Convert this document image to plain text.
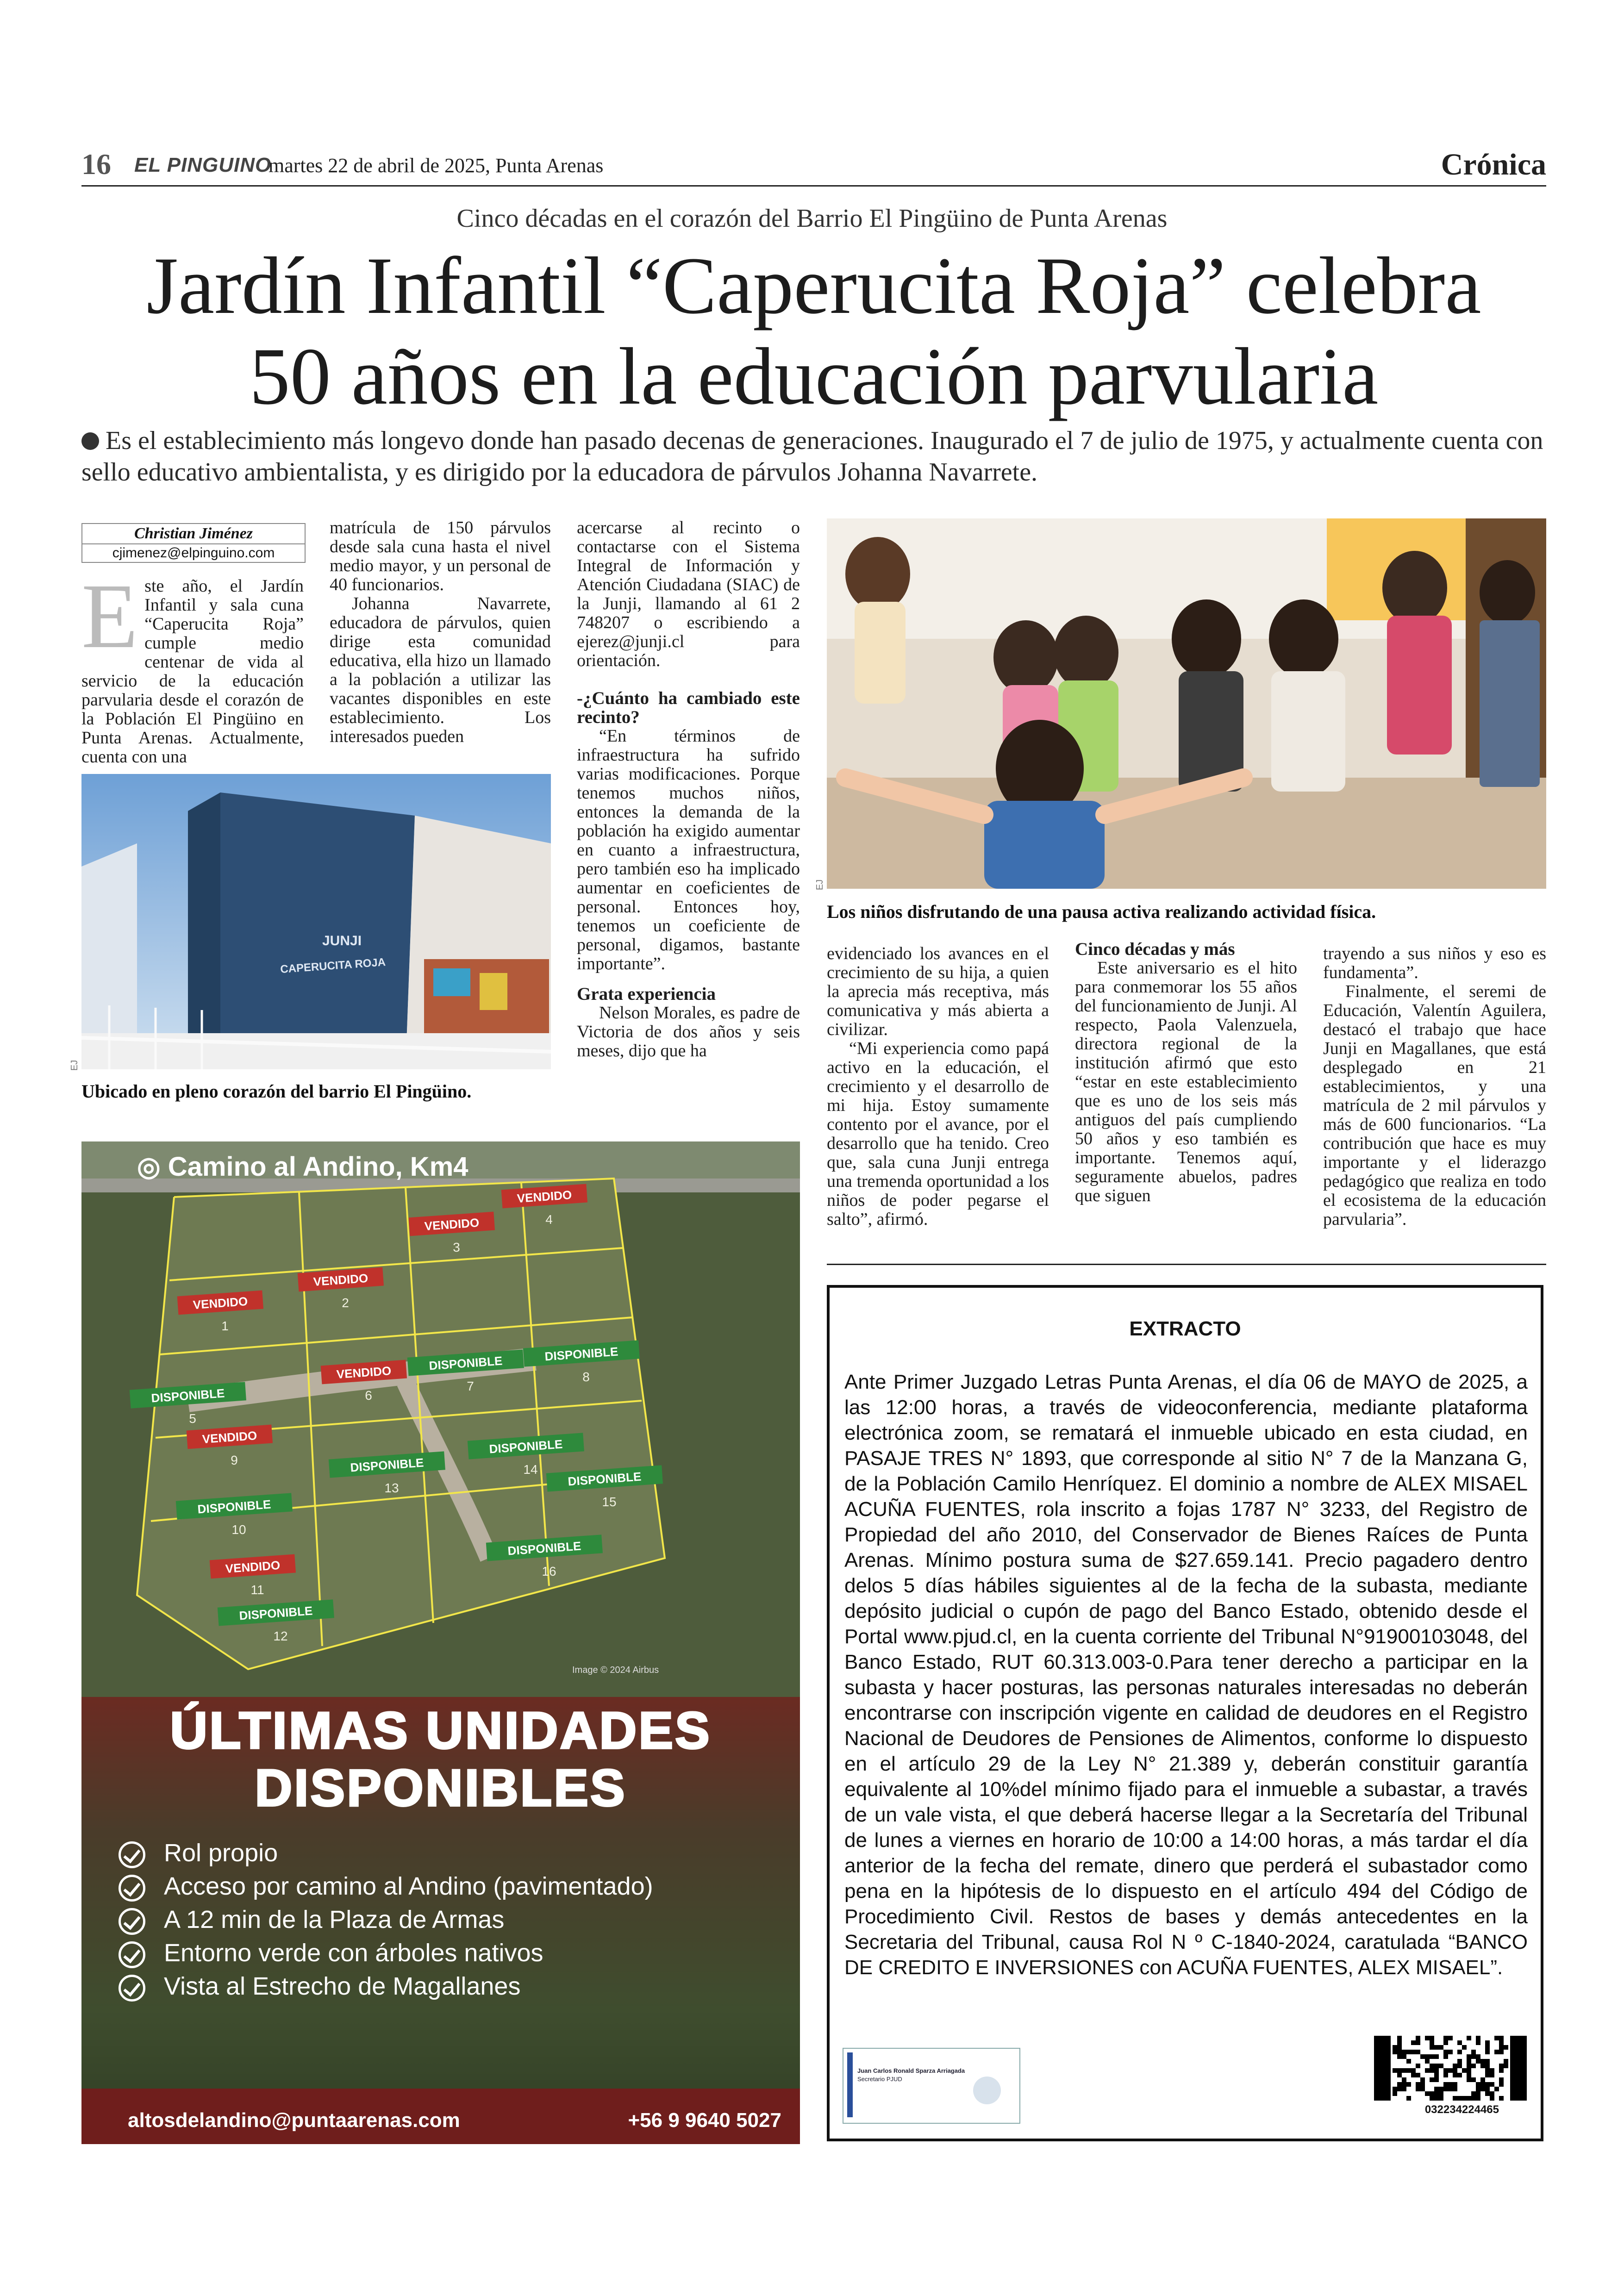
16 EL PINGUINO
martes 22 de abril de 2025, Punta Arenas	Crónica
Cinco décadas en el corazón del Barrio El Pingüino de Punta Arenas
Jardín Infantil “Caperucita Roja” celebra
50 años en la educación parvularia
Es el establecimiento más longevo donde han pasado decenas de generaciones. Inaugurado el 7 de julio de 1975, y actualmente cuenta con sello educativo ambientalista, y es dirigido por la educadora de párvulos Johanna Navarrete.
Christian Jiménez
cjimenez@elpinguino.com
E ste año, el Jardín Infantil y sala cuna “Caperucita Roja” cumple medio centenar de vida al servicio de la educación parvularia desde el corazón de la Población El Pingüino en Punta Arenas. Actualmente, cuenta con una

matrícula de 150 párvulos desde sala cuna hasta el nivel medio mayor, y un personal de 40 funcionarios.

Johanna Navarrete, educadora de párvulos, quien dirige esta comunidad educativa, ella hizo un llamado a la población a utilizar las vacantes disponibles en este establecimiento. Los interesados pueden

JUNJI
CAPERUCITA ROJA
EJ
Ubicado en pleno corazón del barrio El Pingüino.

acercarse al recinto o contactarse con el Sistema Integral de Información y Atención Ciudadana (SIAC) de la Junji, llamando al 61 2 748207 o escribiendo a ejerez@junji.cl para orientación.

-¿Cuánto ha cambiado este recinto?

“En términos de infraestructura ha sufrido varias modificaciones. Porque tenemos muchos niños, entonces la demanda de la población ha exigido aumentar en cuanto a infraestructura, pero también eso ha implicado aumentar en coeficientes de personal. Entonces hoy, tenemos un coeficiente de personal, digamos, bastante importante”.

Grata experiencia

Nelson Morales, es padre de Victoria de dos años y seis meses, dijo que ha

EJ
Los niños disfrutando de una pausa activa realizando actividad física.

evidenciado los avances en el crecimiento de su hija, a quien la aprecia más receptiva, más comunicativa y más abierta a civilizar.

“Mi experiencia como papá activo en la educación, el crecimiento y el desarrollo de mi hija. Estoy sumamente contento por el avance, por el desarrollo que ha tenido. Creo que, sala cuna Junji entrega una tremenda oportunidad a los niños de poder pegarse el salto”, afirmó.

Cinco décadas y más

Este aniversario es el hito para conmemorar los 55 años del funcionamiento de Junji. Al respecto, Paola Valenzuela, directora regional de la institución afirmó que esto “estar en este establecimiento que es uno de los seis más antiguos del país cumpliendo 50 años y eso también es importante. Tenemos aquí, seguramente abuelos, padres que siguen

trayendo a sus niños y eso es fundamenta”.

Finalmente, el seremi de Educación, Valentín Aguilera, destacó el trabajo que hace Junji en Magallanes, que está desplegado en 21 establecimientos, y una matrícula de 2 mil párvulos y más de 600 funcionarios. “La contribución que hace es muy importante y el liderazgo pedagógico que realiza en todo el ecosistema de la educación parvularia”.

VENDIDO
1
VENDIDO
2
VENDIDO
3
VENDIDO
4
DISPONIBLE
5
VENDIDO
6
DISPONIBLE
7
DISPONIBLE
8
VENDIDO
9
DISPONIBLE
10
VENDIDO
11
DISPONIBLE
12
DISPONIBLE
13
DISPONIBLE
14 DISPONIBLE
15
DISPONIBLE
16
Image © 2024 Airbus
◎ Camino al Andino, Km4
ÚLTIMAS UNIDADES
DISPONIBLES
Rol propio
Acceso por camino al Andino (pavimentado)
A 12 min de la Plaza de Armas
Entorno verde con árboles nativos
Vista al Estrecho de Magallanes
altosdelandino@puntaarenas.com	+56 9 9640 5027
EXTRACTO
Ante Primer Juzgado Letras Punta Arenas, el día 06 de MAYO de 2025, a las 12:00 horas, a través de videoconferencia, mediante plataforma electrónica zoom, se rematará el inmueble ubicado en esta ciudad, en PASAJE TRES N° 1893, que corresponde al sitio N° 7 de la Manzana G, de la Población Camilo Henríquez. El dominio a nombre de ALEX MISAEL ACUÑA FUENTES, rola inscrito a fojas 1787 N° 3233, del Registro de Propiedad del año 2010, del Conservador de Bienes Raíces de Punta Arenas. Mínimo postura suma de $27.659.141. Precio pagadero dentro delos 5 días hábiles siguientes al de la fecha de la subasta, mediante depósito judicial o cupón de pago del Banco Estado, obtenido desde el Portal www.pjud.cl, en la cuenta corriente del Tribunal N°91900103048, del Banco Estado, RUT 60.313.003-0.Para tener derecho a participar en la subasta y hacer posturas, las personas naturales interesadas no deberán encontrarse con inscripción vigente en calidad de deudores en el Registro Nacional de Deudores de Pensiones de Alimentos, conforme lo dispuesto en el artículo 29 de la Ley N° 21.389 y, deberán constituir garantía equivalente al 10%del mínimo fijado para el inmueble a subastar, a través de un vale vista, el que deberá hacerse llegar a la Secretaría del Tribunal de lunes a viernes en horario de 10:00 a 14:00 horas, a más tardar el día anterior de la fecha del remate, dinero que perderá el subastador como pena en la hipótesis de lo dispuesto en el artículo 494 del Código de Procedimiento Civil. Restos de bases y demás antecedentes en la Secretaria del Tribunal, causa Rol N º C-1840-2024, caratulada “BANCO DE CREDITO E INVERSIONES con ACUÑA FUENTES, ALEX MISAEL”.
Juan Carlos Ronald Sparza Arriagada
Secretario PJUD
032234224465
